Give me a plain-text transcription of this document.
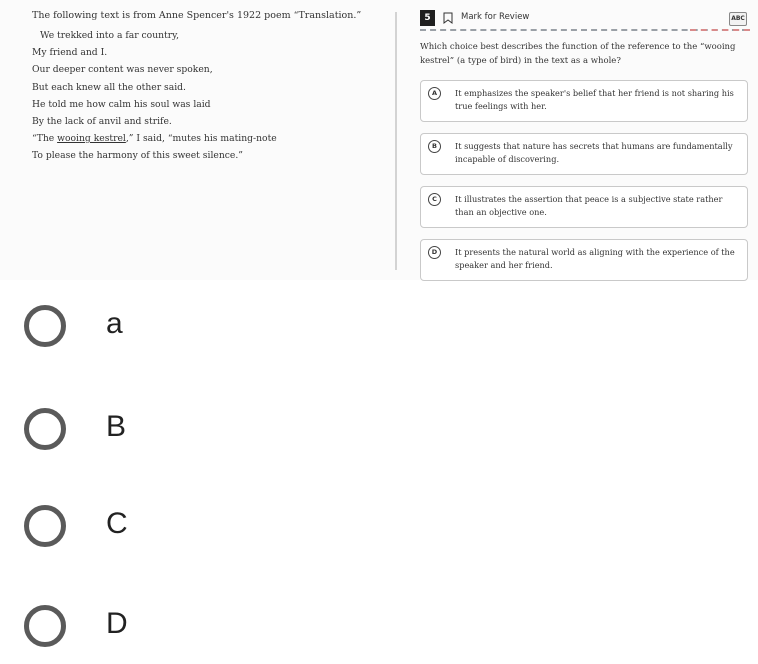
The following text is from Anne Spencer's 1922 poem “Translation.”

We trekked into a far country,

My friend and I.

Our deeper content was never spoken,

But each knew all the other said.

He told me how calm his soul was laid

By the lack of anvil and strife.

“The wooing kestrel,” I said, “mutes his mating-note

To please the harmony of this sweet silence.”

5	Mark for Review	ABC

Which choice best describes the function of the reference to the “wooing kestrel” (a type of bird) in the text as a whole?

A	It emphasizes the speaker's belief that her friend is not sharing his true feelings with her.
B	It suggests that nature has secrets that humans are fundamentally incapable of discovering.
C	It illustrates the assertion that peace is a subjective state rather than an objective one.
D	It presents the natural world as aligning with the experience of the speaker and her friend.
a
B
C
D
